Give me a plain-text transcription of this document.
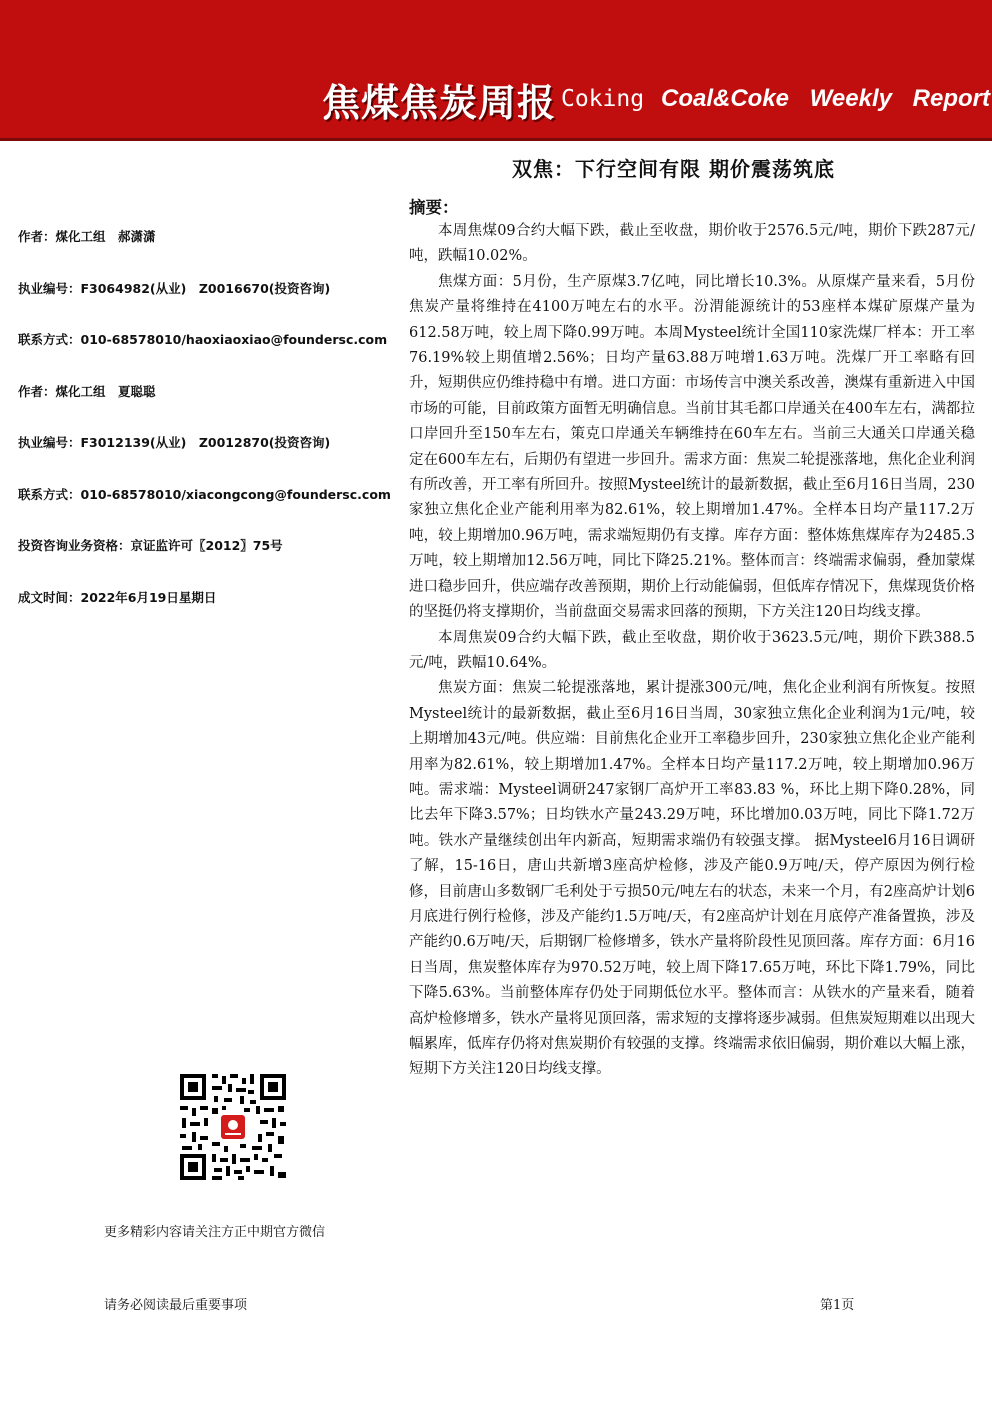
焦煤焦炭周报 Coking Coal&Coke Weekly Report
双焦：下行空间有限 期价震荡筑底
作者：煤化工组　郝潇潇
执业编号：F3064982(从业)　Z0016670(投资咨询)
联系方式：010-68578010/haoxiaoxiao@foundersc.com
作者：煤化工组　夏聪聪
执业编号：F3012139(从业)　Z0012870(投资咨询)
联系方式：010-68578010/xiacongcong@foundersc.com
投资咨询业务资格：京证监许可〖2012〗75号
成文时间：2022年6月19日星期日
更多精彩内容请关注方正中期官方微信
摘要：

本周焦煤09合约大幅下跌，截止至收盘，期价收于2576.5元/吨，期价下跌287元/吨，跌幅10.02%。

焦煤方面：5月份，生产原煤3.7亿吨，同比增长10.3%。从原煤产量来看，5月份焦炭产量将维持在4100万吨左右的水平。汾渭能源统计的53座样本煤矿原煤产量为612.58万吨，较上周下降0.99万吨。本周Mysteel统计全国110家洗煤厂样本：开工率76.19%较上期值增2.56%；日均产量63.88万吨增1.63万吨。洗煤厂开工率略有回升，短期供应仍维持稳中有增。进口方面：市场传言中澳关系改善，澳煤有重新进入中国市场的可能，目前政策方面暂无明确信息。当前甘其毛都口岸通关在400车左右，满都拉口岸回升至150车左右，策克口岸通关车辆维持在60车左右。当前三大通关口岸通关稳定在600车左右，后期仍有望进一步回升。需求方面：焦炭二轮提涨落地，焦化企业利润有所改善，开工率有所回升。按照Mysteel统计的最新数据，截止至6月16日当周，230家独立焦化企业产能利用率为82.61%，较上期增加1.47%。全样本日均产量117.2万吨，较上期增加0.96万吨，需求端短期仍有支撑。库存方面：整体炼焦煤库存为2485.3万吨，较上期增加12.56万吨，同比下降25.21%。整体而言：终端需求偏弱，叠加蒙煤进口稳步回升，供应端存改善预期，期价上行动能偏弱，但低库存情况下，焦煤现货价格的坚挺仍将支撑期价，当前盘面交易需求回落的预期，下方关注120日均线支撑。

本周焦炭09合约大幅下跌，截止至收盘，期价收于3623.5元/吨，期价下跌388.5元/吨，跌幅10.64%。

焦炭方面：焦炭二轮提涨落地，累计提涨300元/吨，焦化企业利润有所恢复。按照Mysteel统计的最新数据，截止至6月16日当周，30家独立焦化企业利润为1元/吨，较上期增加43元/吨。供应端：目前焦化企业开工率稳步回升，230家独立焦化企业产能利用率为82.61%，较上期增加1.47%。全样本日均产量117.2万吨，较上期增加0.96万吨。需求端：Mysteel调研247家钢厂高炉开工率83.83 %，环比上期下降0.28%，同比去年下降3.57%；日均铁水产量243.29万吨，环比增加0.03万吨，同比下降1.72万吨。铁水产量继续创出年内新高，短期需求端仍有较强支撑。 据Mysteel6月16日调研了解，15-16日，唐山共新增3座高炉检修，涉及产能0.9万吨/天，停产原因为例行检修，目前唐山多数钢厂毛利处于亏损50元/吨左右的状态，未来一个月，有2座高炉计划6月底进行例行检修，涉及产能约1.5万吨/天，有2座高炉计划在月底停产准备置换，涉及产能约0.6万吨/天，后期钢厂检修增多，铁水产量将阶段性见顶回落。库存方面：6月16日当周，焦炭整体库存为970.52万吨，较上周下降17.65万吨，环比下降1.79%，同比下降5.63%。当前整体库存仍处于同期低位水平。整体而言：从铁水的产量来看，随着高炉检修增多，铁水产量将见顶回落，需求短的支撑将逐步减弱。但焦炭短期难以出现大幅累库，低库存仍将对焦炭期价有较强的支撑。终端需求依旧偏弱，期价难以大幅上涨，短期下方关注120日均线支撑。

请务必阅读最后重要事项	第1页
